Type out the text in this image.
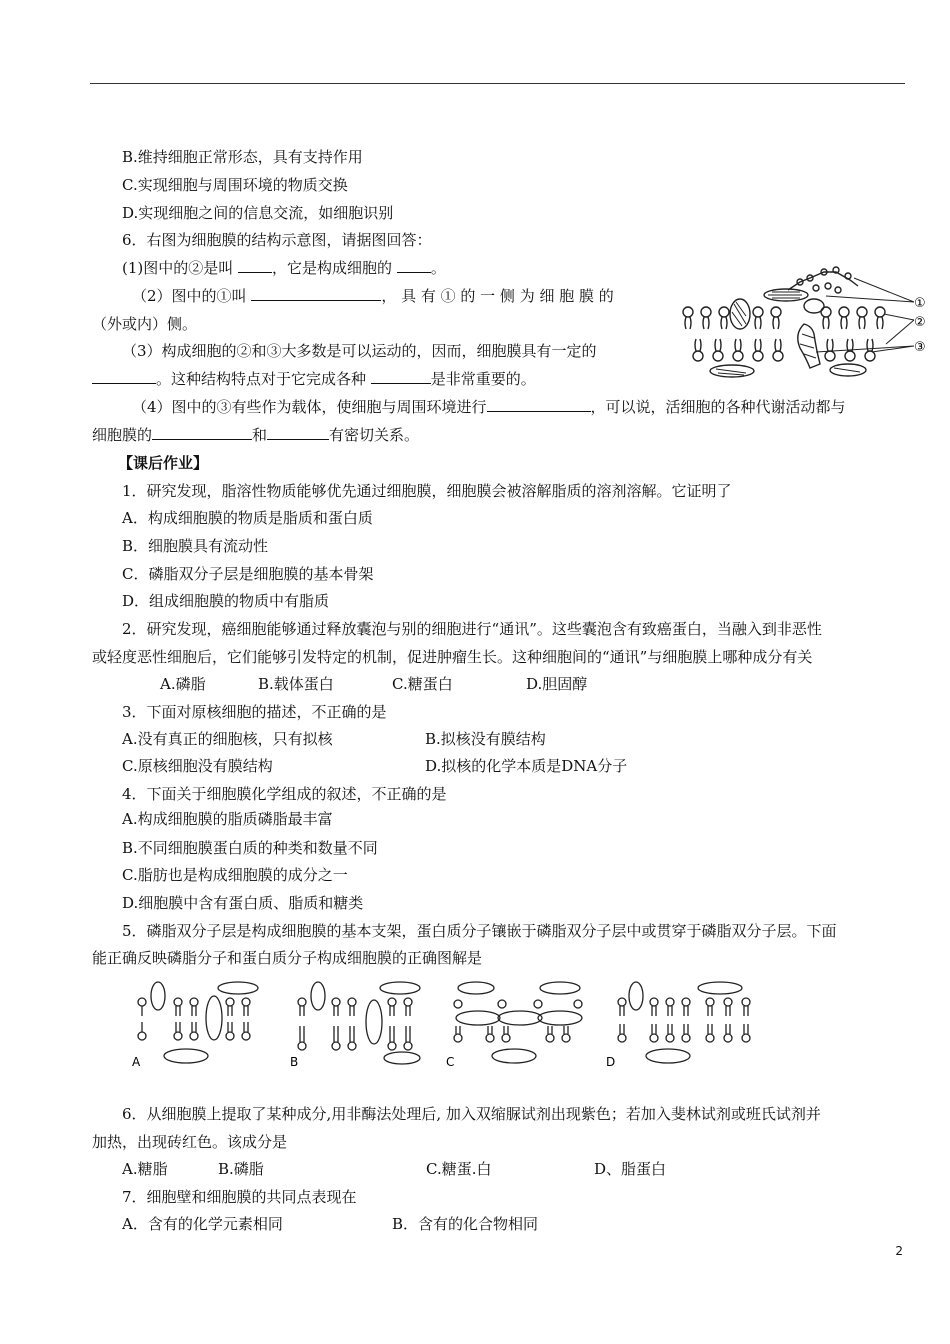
B.维持细胞正常形态，具有支持作用
C.实现细胞与周围环境的物质交换
D.实现细胞之间的信息交流，如细胞识别
6．右图为细胞膜的结构示意图，请据图回答：
(1)图中的②是叫	，它是构成细胞的	。
（2）图中的①叫	， 具 有 ① 的 一 侧 为 细 胞 膜 的
（外或内）侧。
（3）构成细胞的②和③大多数是可以运动的，因而，细胞膜具有一定的
。这种结构特点对于它完成各种	是非常重要的。
（4）图中的③有些作为载体，使细胞与周围环境进行	，可以说，活细胞的各种代谢活动都与
细胞膜的	和	有密切关系。
①
②
③
【课后作业】
1．研究发现，脂溶性物质能够优先通过细胞膜，细胞膜会被溶解脂质的溶剂溶解。它证明了
A．构成细胞膜的物质是脂质和蛋白质
B．细胞膜具有流动性
C．磷脂双分子层是细胞膜的基本骨架
D．组成细胞膜的物质中有脂质
2．研究发现，癌细胞能够通过释放囊泡与别的细胞进行“通讯”。这些囊泡含有致癌蛋白，当融入到非恶性
或轻度恶性细胞后，它们能够引发特定的机制，促进肿瘤生长。这种细胞间的“通讯”与细胞膜上哪种成分有关
A.磷脂	B.载体蛋白	C.糖蛋白	D.胆固醇
3．下面对原核细胞的描述，不正确的是
A.没有真正的细胞核，只有拟核	B.拟核没有膜结构
C.原核细胞没有膜结构	D.拟核的化学本质是DNA分子
4．下面关于细胞膜化学组成的叙述，不正确的是
A.构成细胞膜的脂质磷脂最丰富
B.不同细胞膜蛋白质的种类和数量不同
C.脂肪也是构成细胞膜的成分之一
D.细胞膜中含有蛋白质、脂质和糖类
5．磷脂双分子层是构成细胞膜的基本支架，蛋白质分子镶嵌于磷脂双分子层中或贯穿于磷脂双分子层。下面
能正确反映磷脂分子和蛋白质分子构成细胞膜的正确图解是
A	B	C	D
6．从细胞膜上提取了某种成分,用非酶法处理后, 加入双缩脲试剂出现紫色；若加入斐林试剂或班氏试剂并
加热，出现砖红色。该成分是
A.糖脂	B.磷脂	C.糖蛋.白	D、脂蛋白
7．细胞壁和细胞膜的共同点表现在
A．含有的化学元素相同	B．含有的化合物相同
2
